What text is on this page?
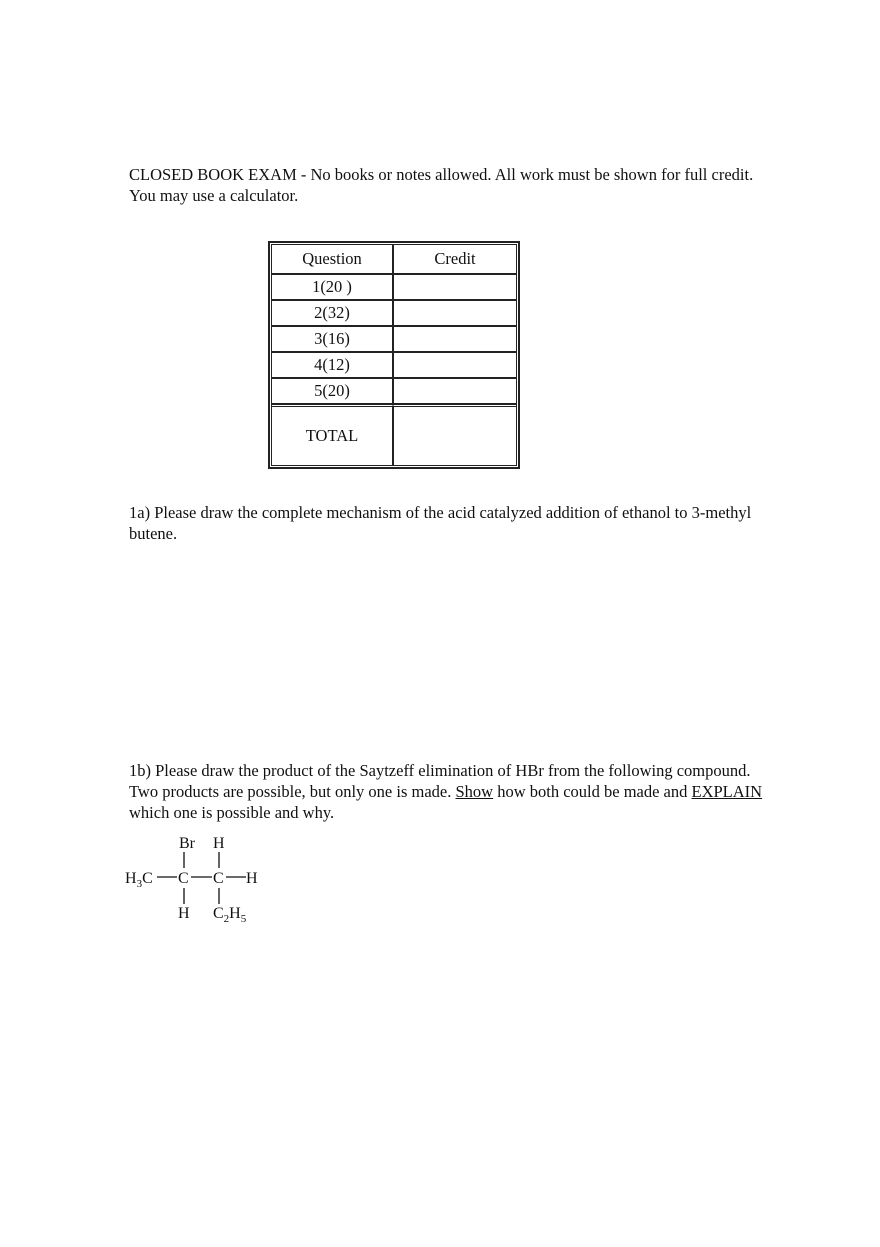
CLOSED BOOK EXAM - No books or notes allowed. All work must be shown for full credit. You may use a calculator.

Question	Credit
1(20 )	
2(32)	
3(16)	
4(12)	
5(20)	
TOTAL	

1a) Please draw the complete mechanism of the acid catalyzed addition of ethanol to 3-methyl butene.

1b) Please draw the product of the Saytzeff elimination of HBr from the following compound. Two products are possible, but only one is made. Show how both could be made and EXPLAIN which one is possible and why.

Br H
$H_3C$ C C H
H $C_2H_5$
